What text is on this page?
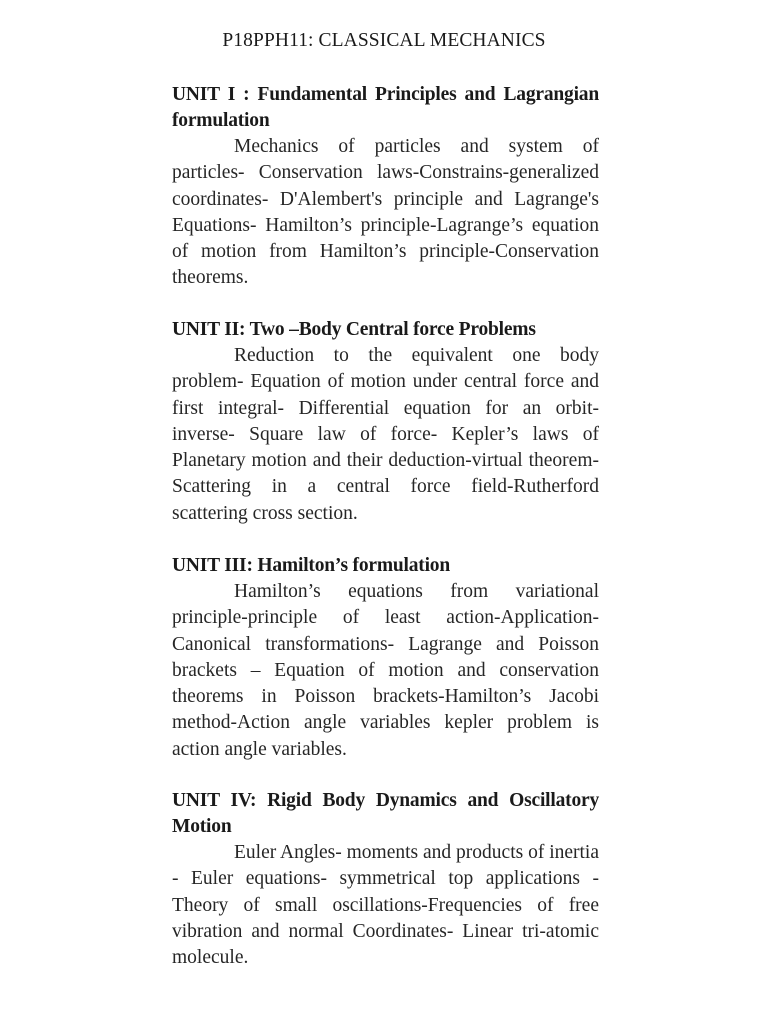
P18PPH11: CLASSICAL MECHANICS
UNIT I : Fundamental Principles and Lagrangian formulation

Mechanics of particles and system of particles- Conservation laws-Constrains-generalized coordinates- D'Alembert's principle and Lagrange's Equations- Hamilton’s principle-Lagrange’s equation of motion from Hamilton’s principle-Conservation theorems.

UNIT II: Two –Body Central force Problems

Reduction to the equivalent one body problem- Equation of motion under central force and first integral- Differential equation for an orbit- inverse- Square law of force- Kepler’s laws of Planetary motion and their deduction-virtual theorem- Scattering in a central force field-Rutherford scattering cross section.

UNIT III: Hamilton’s formulation

Hamilton’s equations from variational principle-principle of least action-Application-Canonical transformations- Lagrange and Poisson brackets – Equation of motion and conservation theorems in Poisson brackets-Hamilton’s Jacobi method-Action angle variables kepler problem is action angle variables.

UNIT IV: Rigid Body Dynamics and Oscillatory Motion

Euler Angles- moments and products of inertia - Euler equations- symmetrical top applications - Theory of small oscillations-Frequencies of free vibration and normal Coordinates- Linear tri-atomic molecule.
